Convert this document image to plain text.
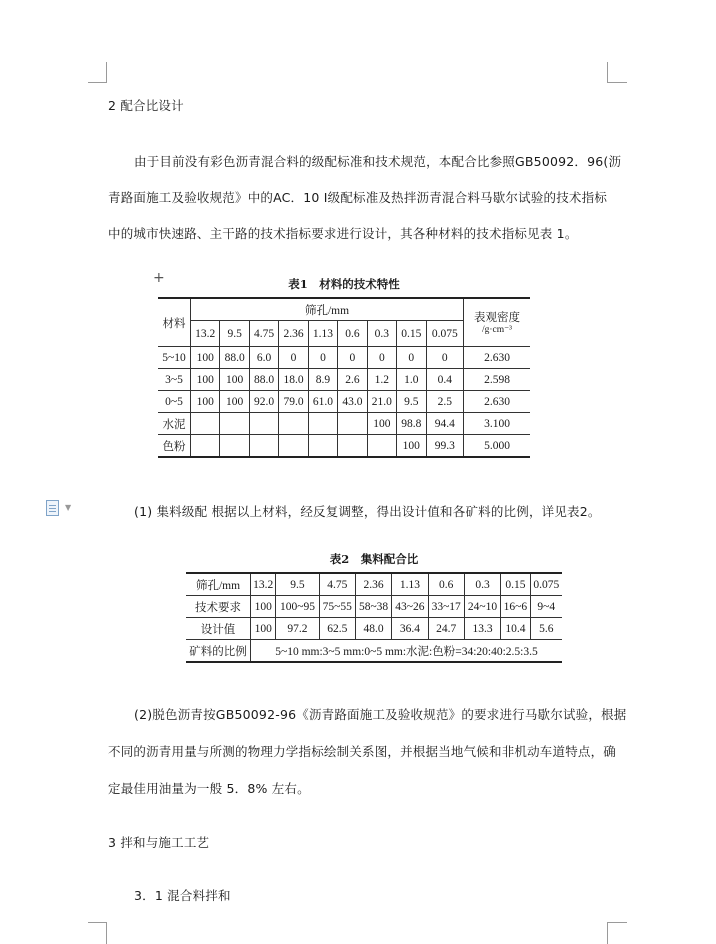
2 配合比设计
由于目前没有彩色沥青混合料的级配标准和技术规范，本配合比参照GB50092．96(沥
青路面施工及验收规范》中的AC．10 I级配标准及热拌沥青混合料马歇尔试验的技术指标
中的城市快速路、主干路的技术指标要求进行设计，其各种材料的技术指标见表 1。
+	表1　材料的技术特性
材料	筛孔/mm									表观密度
/g·cm⁻³

	13.2	9.5	4.75	2.36	1.13	0.6	0.3	0.15	0.075	
5~10	100	88.0	6.0	0	0	0	0	0	0	2.630
3~5	100	100	88.0	18.0	8.9	2.6	1.2	1.0	0.4	2.598
0~5	100	100	92.0	79.0	61.0	43.0	21.0	9.5	2.5	2.630
水泥							100	98.8	94.4	3.100
色粉								100	99.3	5.000
▼	(1) 集料级配 根据以上材料，经反复调整，得出设计值和各矿料的比例，详见表2。
表2　集料配合比
筛孔/mm	13.2	9.5	4.75	2.36	1.13	0.6	0.3	0.15	0.075
技术要求	100	100~95	75~55	58~38	43~26	33~17	24~10	16~6	9~4
设计值	100	97.2	62.5	48.0	36.4	24.7	13.3	10.4	5.6
矿料的比例	5~10 mm:3~5 mm:0~5 mm:水泥:色粉=34:20:40:2.5:3.5								
(2)脱色沥青按GB50092-96《沥青路面施工及验收规范》的要求进行马歇尔试验，根据
不同的沥青用量与所测的物理力学指标绘制关系图，并根据当地气候和非机动车道特点，确
定最佳用油量为一般 5．8% 左右。
3 拌和与施工工艺
3．1 混合料拌和
